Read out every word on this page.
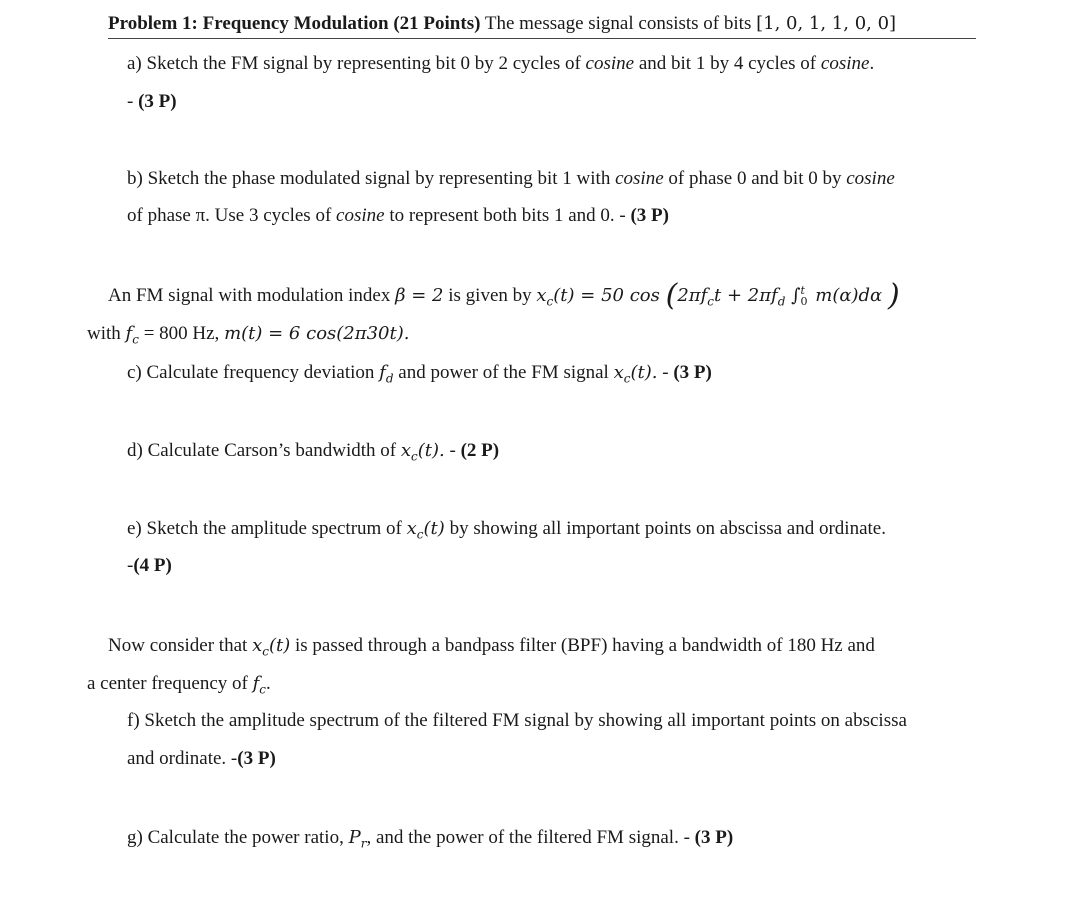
Problem 1: Frequency Modulation (21 Points) The message signal consists of bits [1, 0, 1, 1, 0, 0]
a) Sketch the FM signal by representing bit 0 by 2 cycles of cosine and bit 1 by 4 cycles of cosine.
- (3 P)
b) Sketch the phase modulated signal by representing bit 1 with cosine of phase 0 and bit 0 by cosine
of phase π. Use 3 cycles of cosine to represent both bits 1 and 0. - (3 P)
An FM signal with modulation index β = 2 is given by $x_c(t) = 50$ $\cos (2\pi f_ct + 2\pi f_d$ ∫ t
0 m(α)dα )
with $f_c = 800$ Hz, m(t) = 6 cos(2π30t).
c) Calculate frequency deviation $f_d$ and power of the FM signal $x_c(t)$. - (3 P)
d) Calculate Carson’s bandwidth of $x_c(t)$. - (2 P)
e) Sketch the amplitude spectrum of $x_c(t)$ by showing all important points on abscissa and ordinate.
-(4 P)
Now consider that $x_c(t)$ is passed through a bandpass filter (BPF) having a bandwidth of 180 Hz and
a center frequency of $f_c$.
f) Sketch the amplitude spectrum of the filtered FM signal by showing all important points on abscissa
and ordinate. -(3 P)
g) Calculate the power ratio, $P_r$, and the power of the filtered FM signal. - (3 P)
